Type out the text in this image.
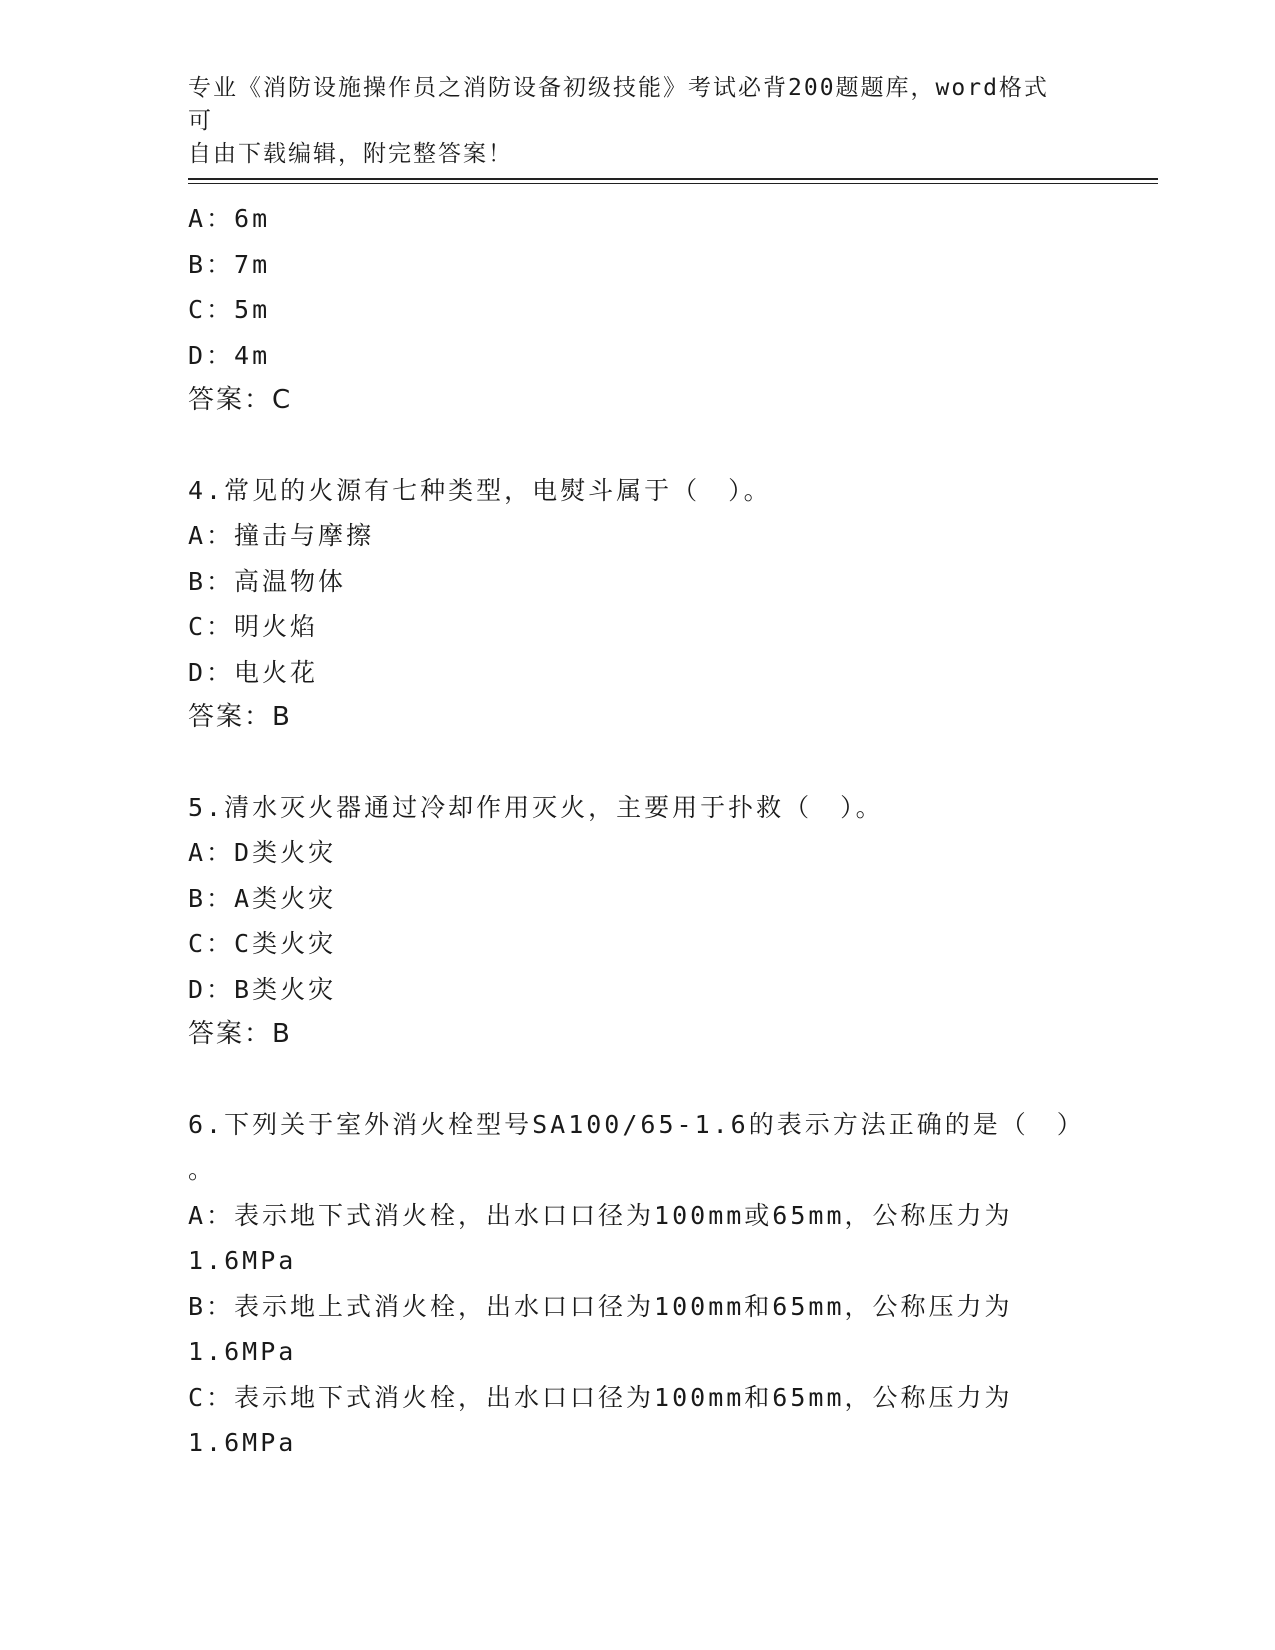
专业《消防设施操作员之消防设备初级技能》考试必背200题题库，word格式可
自由下载编辑，附完整答案！
A：6m
B：7m
C：5m
D：4m
答案：C
4.常见的火源有七种类型，电熨斗属于（　）。
A：撞击与摩擦
B：高温物体
C：明火焰
D：电火花
答案：B
5.清水灭火器通过冷却作用灭火，主要用于扑救（　）。
A：D类火灾
B：A类火灾
C：C类火灾
D：B类火灾
答案：B
6.下列关于室外消火栓型号SA100/65-1.6的表示方法正确的是（　）
。
A：表示地下式消火栓，出水口口径为100mm或65mm，公称压力为
1.6MPa
B：表示地上式消火栓，出水口口径为100mm和65mm，公称压力为
1.6MPa
C：表示地下式消火栓，出水口口径为100mm和65mm，公称压力为
1.6MPa
